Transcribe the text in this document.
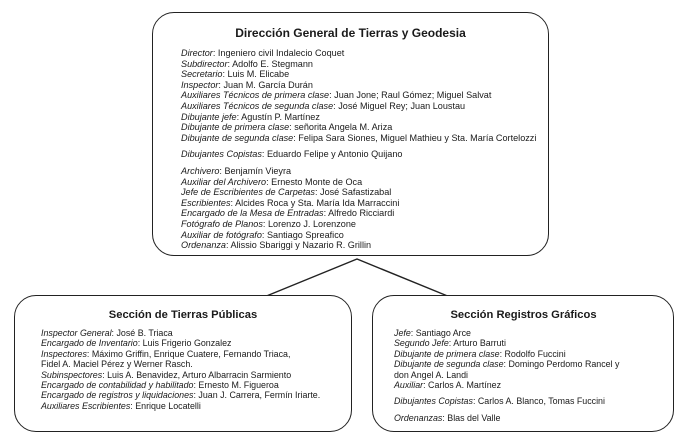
Dirección General de Tierras y Geodesia
Director: Ingeniero civil Indalecio Coquet
Subdirector: Adolfo E. Stegmann
Secretario: Luis M. Elicabe
Inspector: Juan M. García Durán
Auxiliares Técnicos de primera clase: Juan Jone; Raul Gómez; Miguel Salvat
Auxiliares Técnicos de segunda clase: José Miguel Rey; Juan Loustau
Dibujante jefe: Agustín P. Martínez
Dibujante de primera clase: señorita Angela M. Ariza
Dibujante de segunda clase: Felipa Sara Siones, Miguel Mathieu y Sta. María Cortelozzi
Dibujantes Copistas: Eduardo Felipe y Antonio Quijano
Archivero: Benjamín Vieyra
Auxiliar del Archivero: Ernesto Monte de Oca
Jefe de Escribientes de Carpetas: José Safastizabal
Escribientes: Alcides Roca y Sta. María Ida Marraccini
Encargado de la Mesa de Entradas: Alfredo Ricciardi
Fotógrafo de Planos: Lorenzo J. Lorenzone
Auxiliar de fotógrafo: Santiago Spreafico
Ordenanza: Alissio Sbariggi y Nazario R. Grillin
Sección de Tierras Públicas
Inspector General: José B. Triaca
Encargado de Inventario: Luis Frigerio Gonzalez
Inspectores: Máximo Griffin, Enrique Cuatere, Fernando Triaca,
Fidel A. Maciel Pérez y Werner Rasch.
Subinspectores: Luis A. Benavidez, Arturo Albarracin Sarmiento
Encargado de contabilidad y habilitado: Ernesto M. Figueroa
Encargado de registros y liquidaciones: Juan J. Carrera, Fermín Iriarte.
Auxiliares Escribientes: Enrique Locatelli
Sección Registros Gráficos
Jefe: Santiago Arce
Segundo Jefe: Arturo Barruti
Dibujante de primera clase: Rodolfo Fuccini
Dibujante de segunda clase: Domingo Perdomo Rancel y
don Angel A. Landi
Auxiliar: Carlos A. Martínez
Dibujantes Copistas: Carlos A. Blanco, Tomas Fuccini
Ordenanzas: Blas del Valle
